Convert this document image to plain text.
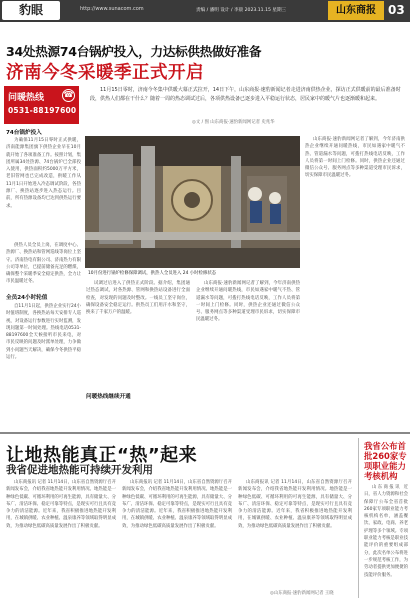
豹眼	http://www.sunacom.com	责编 / 潘明 设计 / 李晨 2023.11.15 星期三	山东商报	03
34处热源74台锅炉投入，力达标供热做好准备
济南今冬采暖季正式开启
问暖热线 ☎
0531-88197600
11月15日零时，济南今冬集中供暖大幕正式拉开，14日下午，山东商报·速豹新闻记者走进济南供热企业，探访正式供暖前的最后准备时段，供热人们都在干什么？随着一周的热态调试过后，各项供热设备已逐步进入平稳运行状态，居民家中的暖气片也逐渐暖和起来。
◎文 / 图 山东商报·速豹新闻网记者 史兆华
74台锅炉投入
为确保11月15日零时正式供暖，济南能源集团旗下供热企业早在10月就开始了各项准备工作。按照计划，集团所属34处热源、74台锅炉已全部投入使用，供热面积约5000万平方米，老旧管网也已完成改造，供暖工作从11月1日开始进入冷态调试阶段，各热源厂、换热站逐步进入热态运行。目前，所有热源设备均已达到供热运行要求。
供热人员全员上岗，在调度中心、热源厂、换热站和管网巡线等岗位上坚守。济南热电有限公司、济南热力有限公司等单位，已提前储备充足的燃煤，确保整个采暖季安全稳定供热，全力让市民温暖过冬。
全员24小时轮值
自11月1日起，供热企业实行24小时值班制度，各换热站每天安排专人巡视，对设备运行参数进行实时监测，发现问题第一时间处理。热线电话0531-88197600全天候接听市民来电，对市民反映的问题及时派单处理，力争做到小问题当天解决，确保今冬供热平稳运行。
10月份进行锅炉检修保障调试，供热人全员进入 24 小时检修状态
试调过后进入了供热正式阶段。据介绍，集团通过热态调试，对各热源、管网和换热站设备进行全面检查，对发现的问题及时整改。一线员工坚守岗位，确保设备安全稳定运行。供热员工们用汗水和坚守，换来了千家万户的温暖。
问暖热线继续开通
山东商报·速豹新闻网记者了解到，今年济南供热企业继续开通问暖热线，市民如遇家中暖气不热、管道漏水等问题，可拨打热线电话反映，工作人员将第一时间上门检修。同时，供热企业还通过微信公众号、服务网点等多种渠道受理市民诉求，切实保障市民温暖过冬。
山东商报·速豹新闻网记者了解到，今年济南供热企业继续开通问暖热线，市民如遇家中暖气不热、管道漏水等问题，可拨打热线电话反映，工作人员将第一时间上门检修。同时，供热企业还通过微信公众号、服务网点等多种渠道受理市民诉求，切实保障市民温暖过冬。
让地热能真正“热”起来
我省促进地热能可持续开发利用
山东商报讯 记者 11月14日，山东省自然资源厅召开新闻发布会，介绍我省地热能开发利用情况。地热能是一种绿色低碳、可循环利用的可再生能源，具有储量大、分布广、清洁环保、稳定可靠等特点，是现实可行且具有竞争力的清洁能源。近年来，我省积极推进地热能开发利用，在城镇供暖、农业种植、温泉康养等领域取得明显成效，为推动绿色低碳高质量发展作出了积极贡献。
山东商报讯 记者 11月14日，山东省自然资源厅召开新闻发布会，介绍我省地热能开发利用情况。地热能是一种绿色低碳、可循环利用的可再生能源，具有储量大、分布广、清洁环保、稳定可靠等特点，是现实可行且具有竞争力的清洁能源。近年来，我省积极推进地热能开发利用，在城镇供暖、农业种植、温泉康养等领域取得明显成效，为推动绿色低碳高质量发展作出了积极贡献。
山东商报讯 记者 11月14日，山东省自然资源厅召开新闻发布会，介绍我省地热能开发利用情况。地热能是一种绿色低碳、可循环利用的可再生能源，具有储量大、分布广、清洁环保、稳定可靠等特点，是现实可行且具有竞争力的清洁能源。近年来，我省积极推进地热能开发利用，在城镇供暖、农业种植、温泉康养等领域取得明显成效，为推动绿色低碳高质量发展作出了积极贡献。
◎山东商报·速豹新闻网记者 王晓
我省公布首批260家专项职业能力考核机构
山东商报讯 近日，省人力资源和社会保障厅公布全省首批260家专项职业能力考核机构名单，涵盖餐饮、家政、电商、养老护理等多个领域。专项职业能力考核是职业技能评价的重要组成部分，此次名单公布将进一步规范考核工作，为劳动者提供更加便捷的技能评价服务。
